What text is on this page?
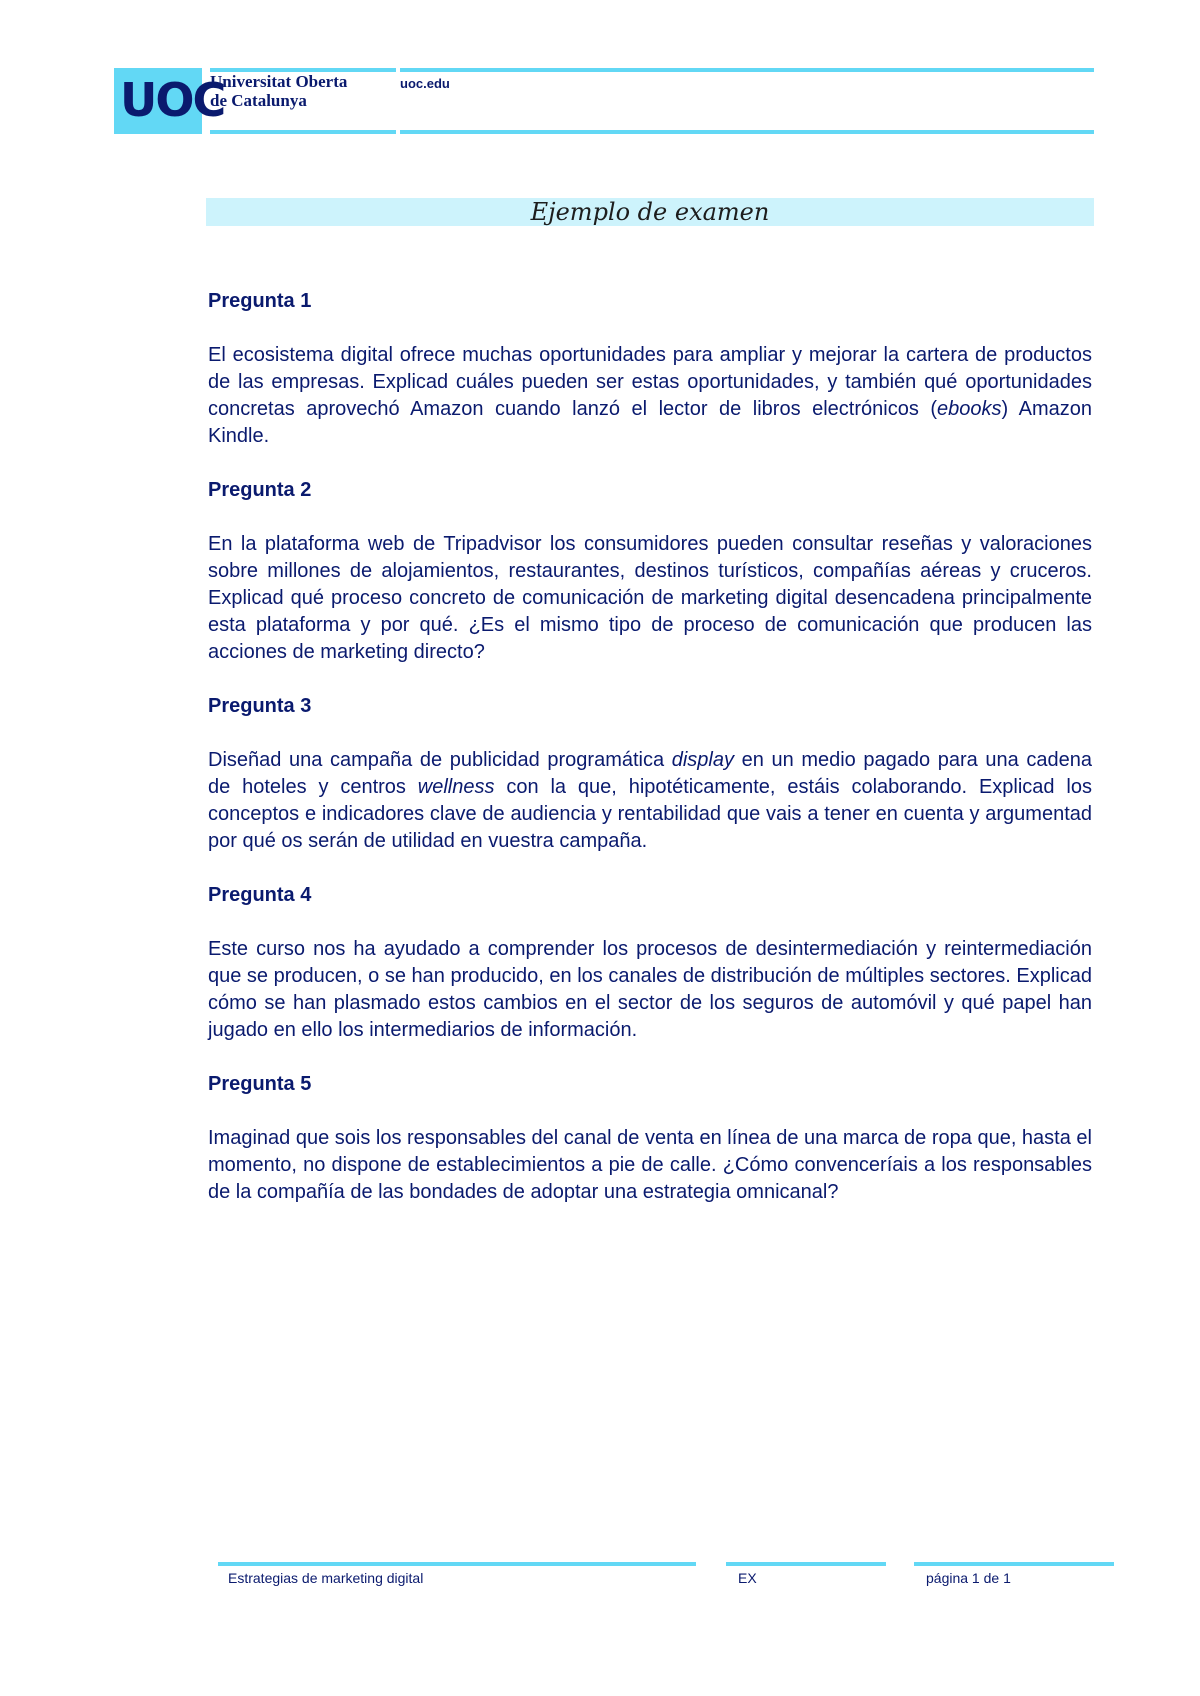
UOC
Universitat Oberta
de Catalunya
uoc.edu
Ejemplo de examen
Pregunta 1
El ecosistema digital ofrece muchas oportunidades para ampliar y mejorar la cartera de productos de las empresas. Explicad cuáles pueden ser estas oportunidades, y también qué oportunidades concretas aprovechó Amazon cuando lanzó el lector de libros electrónicos (ebooks) Amazon Kindle.
Pregunta 2
En la plataforma web de Tripadvisor los consumidores pueden consultar reseñas y valoraciones sobre millones de alojamientos, restaurantes, destinos turísticos, compañías aéreas y cruceros. Explicad qué proceso concreto de comunicación de marketing digital desencadena principalmente esta plataforma y por qué. ¿Es el mismo tipo de proceso de comunicación que producen las acciones de marketing directo?
Pregunta 3
Diseñad una campaña de publicidad programática display en un medio pagado para una cadena de hoteles y centros wellness con la que, hipotéticamente, estáis colaborando. Explicad los conceptos e indicadores clave de audiencia y rentabilidad que vais a tener en cuenta y argumentad por qué os serán de utilidad en vuestra campaña.
Pregunta 4
Este curso nos ha ayudado a comprender los procesos de desintermediación y reintermediación que se producen, o se han producido, en los canales de distribución de múltiples sectores. Explicad cómo se han plasmado estos cambios en el sector de los seguros de automóvil y qué papel han jugado en ello los intermediarios de información.
Pregunta 5
Imaginad que sois los responsables del canal de venta en línea de una marca de ropa que, hasta el momento, no dispone de establecimientos a pie de calle. ¿Cómo convenceríais a los responsables de la compañía de las bondades de adoptar una estrategia omnicanal?
Estrategias de marketing digital	EX	página 1 de 1
